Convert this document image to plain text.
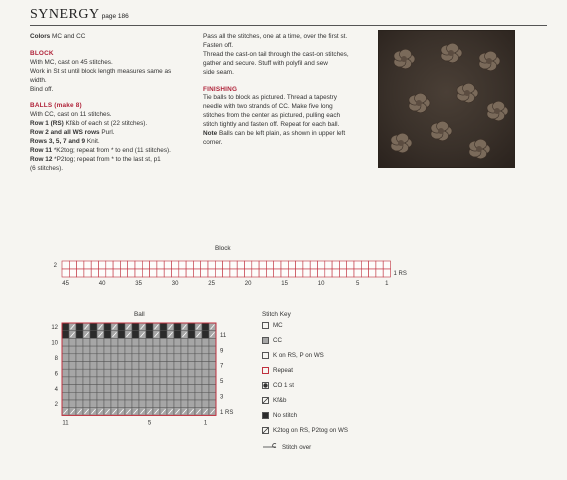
SYNERGY page 186

Colors MC and CC

BLOCK

With MC, cast on 45 stitches.

Work in St st until block length measures same as

width.

Bind off.

BALLS (make 8)

With CC, cast on 11 stitches.

Row 1 (RS) Kf&b of each st (22 stitches).

Row 2 and all WS rows Purl.

Rows 3, 5, 7 and 9 Knit.

Row 11 *K2tog; repeat from * to end (11 stitches).

Row 12 *P2tog; repeat from * to the last st, p1

(6 stitches).

Pass all the stitches, one at a time, over the first st.

Fasten off.

Thread the cast-on tail through the cast-on stitches,

gather and secure. Stuff with polyfil and sew

side seam.

FINISHING

Tie balls to block as pictured. Thread a tapestry

needle with two strands of CC. Make five long

stitches from the center as pictured, pulling each

stitch tightly and fasten off. Repeat for each ball.

Note Balls can be left plain, as shown in upper left

corner.

Block
2
1 RS
45	40	35	30	25	20	15	10	5	1
Ball
12
10
8
6
4
2
11
9
7
5
3
1 RS
11	5	1
Stitch Key
MC
CC
K on RS, P on WS
Repeat
CO 1 st
Kf&b
No stitch
K2tog on RS, P2tog on WS
Stitch over
